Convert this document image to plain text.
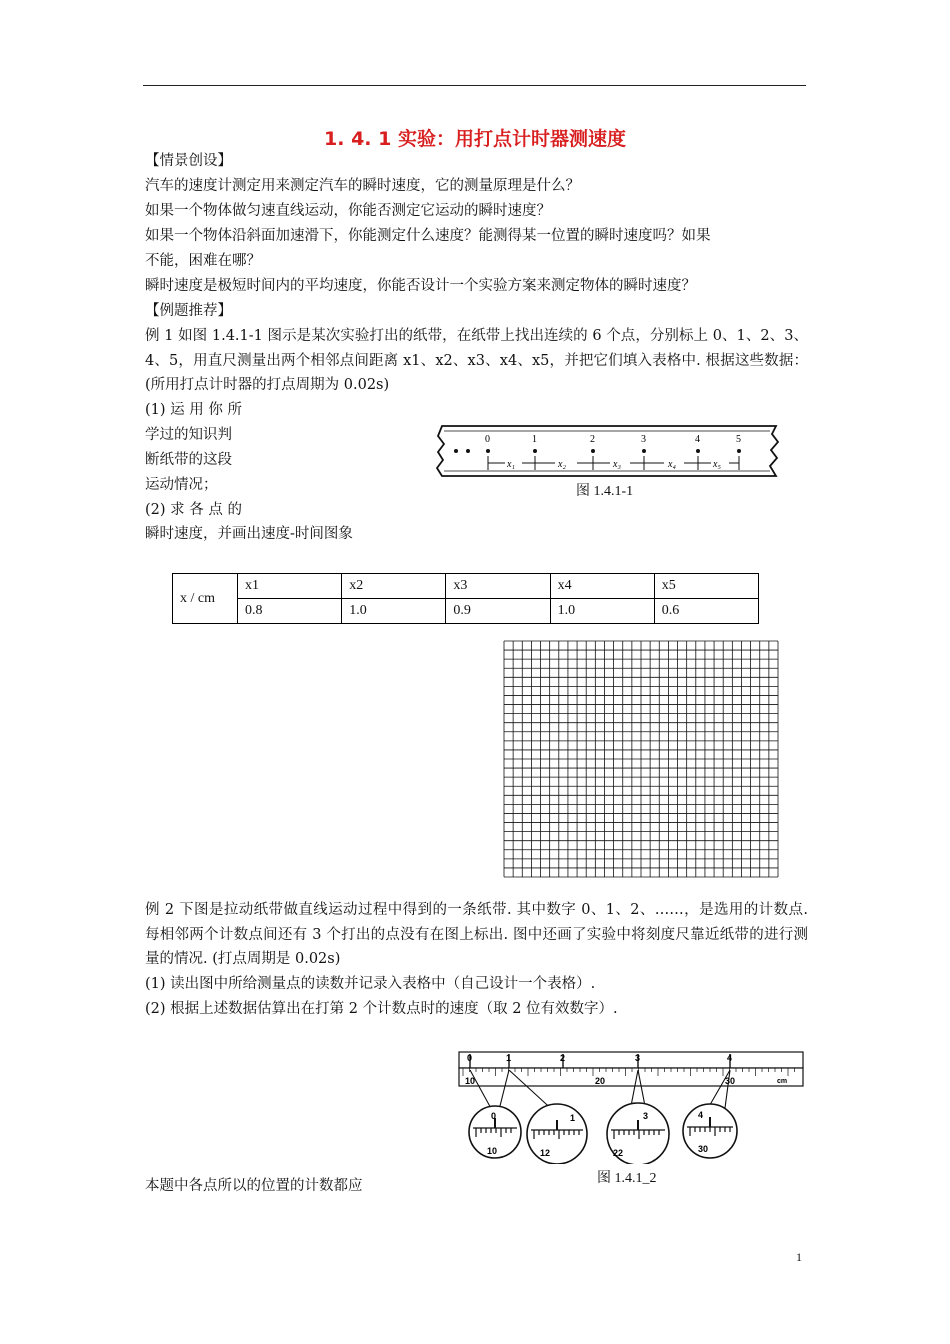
1. 4. 1 实验：用打点计时器测速度
【情景创设】
汽车的速度计测定用来测定汽车的瞬时速度，它的测量原理是什么？
如果一个物体做匀速直线运动，你能否测定它运动的瞬时速度？
如果一个物体沿斜面加速滑下，你能测定什么速度？能测得某一位置的瞬时速度吗？如果
不能，困难在哪？
瞬时速度是极短时间内的平均速度，你能否设计一个实验方案来测定物体的瞬时速度？
【例题推荐】
例 1 如图 1.4.1-1 图示是某次实验打出的纸带，在纸带上找出连续的 6 个点，分别标上 0、1、2、3、4、5，用直尺测量出两个相邻点间距离 x1、x2、x3、x4、x5，并把它们填入表格中. 根据这些数据：(所用打点计时器的打点周期为 0.02s)
(1) 运 用 你 所
学过的知识判
断纸带的这段
运动情况；
(2) 求 各 点 的
瞬时速度，并画出速度-时间图象
0	1	2	3	4	5
x₁	x₂	x₃	x₄	x₅
图 1.4.1-1
x / cm	x1	x2	x3	x4	x5
	0.8	1.0	0.9	1.0	0.6
例 2 下图是拉动纸带做直线运动过程中得到的一条纸带. 其中数字 0、1、2、……，是选用的计数点. 每相邻两个计数点间还有 3 个打出的点没有在图上标出. 图中还画了实验中将刻度尺靠近纸带的进行测量的情况. (打点周期是 0.02s)
(1) 读出图中所给测量点的读数并记录入表格中（自己设计一个表格）.
(2) 根据上述数据估算出在打第 2 个计数点时的速度（取 2 位有效数字）.
0	1	2	3	4
10	20	30	cm
0
10
1
12
3
22
4
30
图 1.4.1_2
本题中各点所以的位置的计数都应
1
